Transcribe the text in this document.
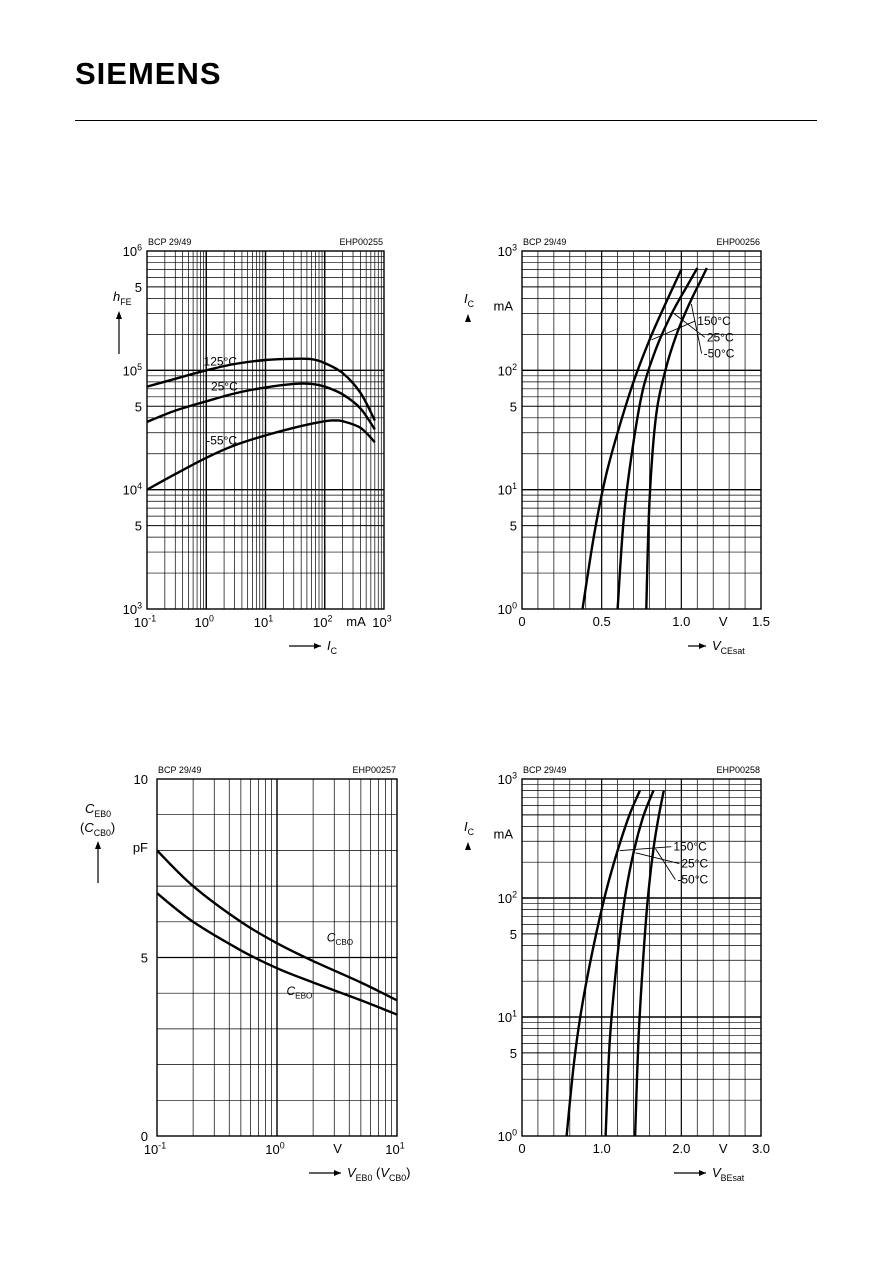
SIEMENS
BCP 29/49	EHP00255
$10^{-1}$	$10^0$	$10^1$	$10^2$	$10^3$
mA
$10^6$
5
$10^5$
5
$10^4$
5
$10^3$
$I_C$
$h_{FE}$
125°C
25°C
-55°C
BCP 29/49	EHP00256
0	0.5	1.0	1.5
V
$10^3$
5
$10^2$
5
$10^1$
$10^0$
mA
$V_{CEsat}$
$I_C$
150°C
25°C
-50°C
BCP 29/49	EHP00257
$10^{-1}$	$10^0$	$10^1$
V
10
5
0
pF
$V_{EB0}$ $(V_{CB0})$
$C_{EB0}$
$(C_{CB0})$
$C_{CBO}$
$C_{EBO}$
BCP 29/49	EHP00258
0	1.0	2.0	3.0
V
$10^3$
$10^2$
5
$10^1$
5
$10^0$
mA
$V_{BEsat}$
$I_C$
150°C
25°C
-50°C
